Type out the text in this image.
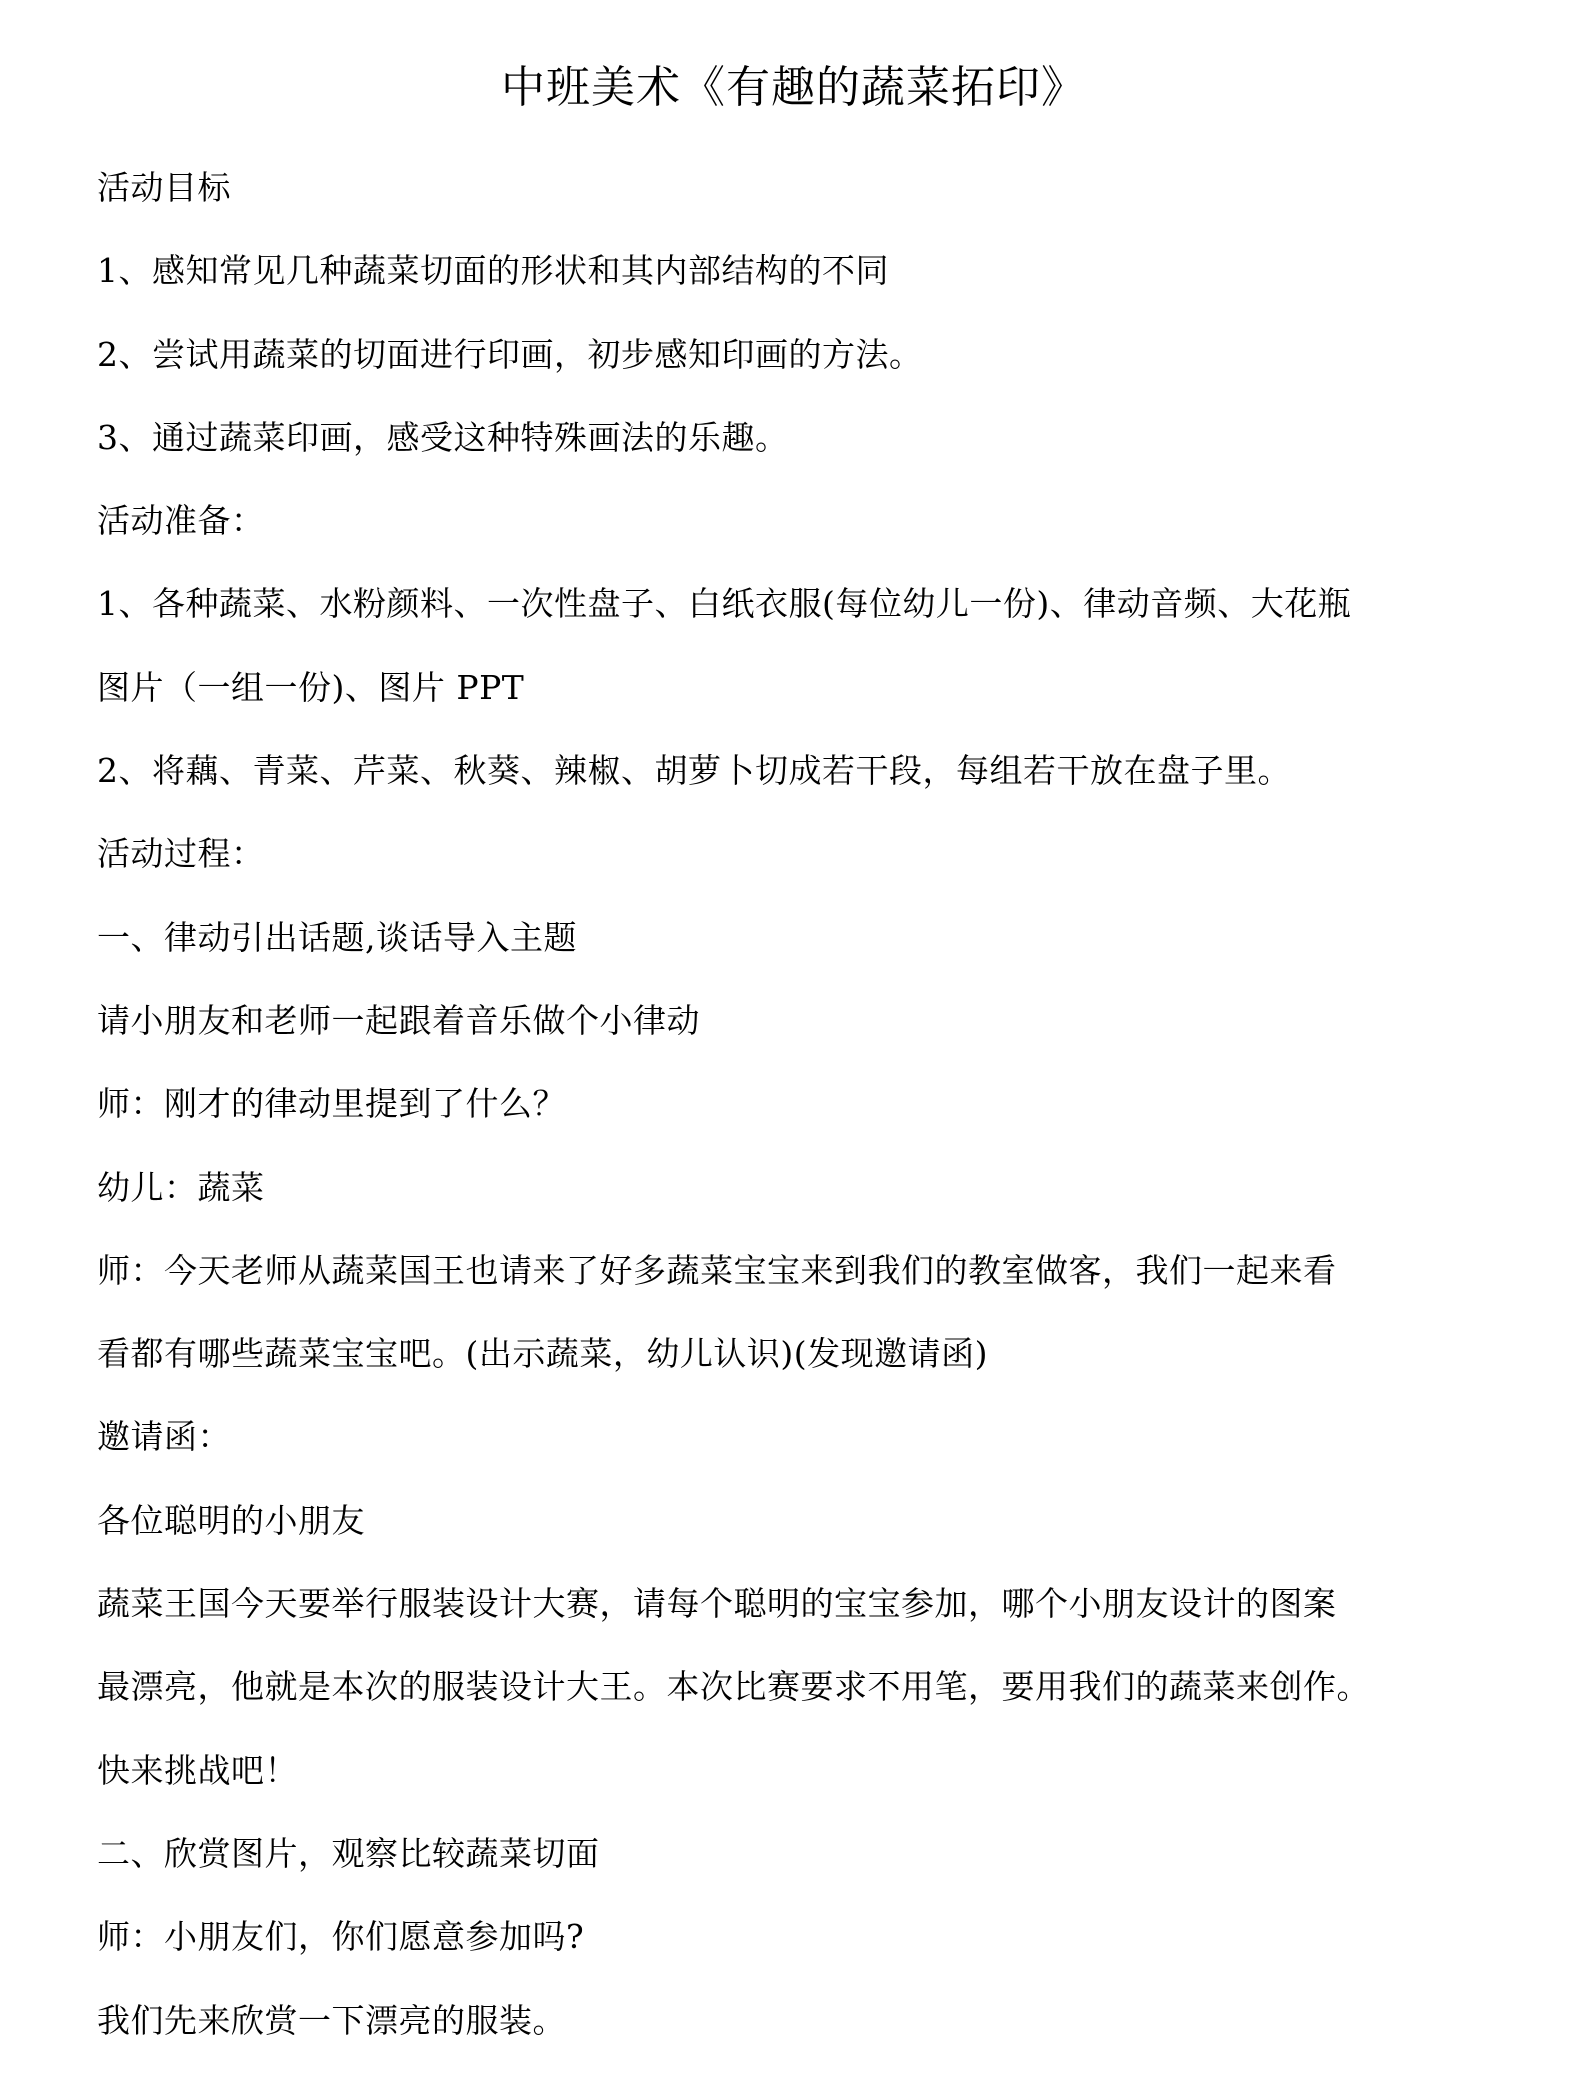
中班美术《有趣的蔬菜拓印》

活动目标

1、感知常见几种蔬菜切面的形状和其内部结构的不同

2、尝试用蔬菜的切面进行印画，初步感知印画的方法。

3、通过蔬菜印画，感受这种特殊画法的乐趣。

活动准备：

1、各种蔬菜、水粉颜料、一次性盘子、白纸衣服(每位幼儿一份)、律动音频、大花瓶

图片（一组一份)、图片 PPT

2、将藕、青菜、芹菜、秋葵、辣椒、胡萝卜切成若干段，每组若干放在盘子里。

活动过程：

一、律动引出话题,谈话导入主题

请小朋友和老师一起跟着音乐做个小律动

师：刚才的律动里提到了什么？

幼儿：蔬菜

师：今天老师从蔬菜国王也请来了好多蔬菜宝宝来到我们的教室做客，我们一起来看

看都有哪些蔬菜宝宝吧。(出示蔬菜，幼儿认识)(发现邀请函)

邀请函：

各位聪明的小朋友

蔬菜王国今天要举行服装设计大赛，请每个聪明的宝宝参加，哪个小朋友设计的图案

最漂亮，他就是本次的服装设计大王。本次比赛要求不用笔，要用我们的蔬菜来创作。

快来挑战吧！

二、欣赏图片，观察比较蔬菜切面

师：小朋友们，你们愿意参加吗?

我们先来欣赏一下漂亮的服装。
